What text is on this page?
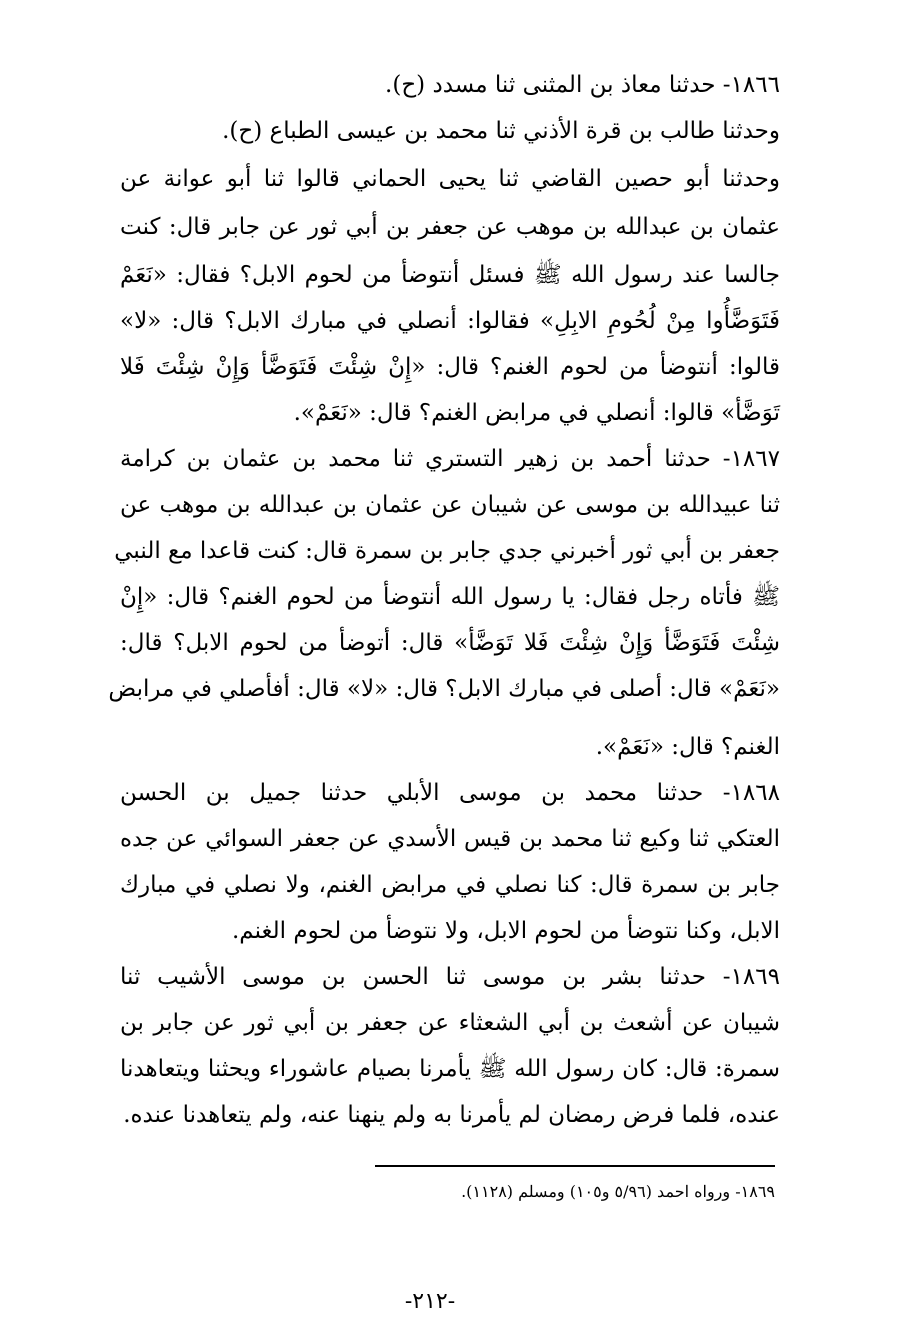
١٨٦٦- حدثنا معاذ بن المثنى ثنا مسدد (ح).
وحدثنا طالب بن قرة الأذني ثنا محمد بن عيسى الطباع (ح).
وحدثنا أبو حصين القاضي ثنا يحيى الحماني قالوا ثنا أبو عوانة عن
عثمان بن عبدالله بن موهب عن جعفر بن أبي ثور عن جابر قال: كنت
جالسا عند رسول الله ﷺ فسئل أنتوضأ من لحوم الابل؟ فقال: «نَعَمْ
فَتَوَضَّأُوا مِنْ لُحُومِ الابِلِ» فقالوا: أنصلي في مبارك الابل؟ قال: «لا»
قالوا: أنتوضأ من لحوم الغنم؟ قال: «إِنْ شِئْتَ فَتَوَضَّأ وَإِنْ شِئْتَ فَلا
تَوَضَّأ» قالوا: أنصلي في مرابض الغنم؟ قال: «نَعَمْ».
١٨٦٧- حدثنا أحمد بن زهير التستري ثنا محمد بن عثمان بن كرامة
ثنا عبيدالله بن موسى عن شيبان عن عثمان بن عبدالله بن موهب عن
جعفر بن أبي ثور أخبرني جدي جابر بن سمرة قال: كنت قاعدا مع النبي
ﷺ فأتاه رجل فقال: يا رسول الله أنتوضأ من لحوم الغنم؟ قال: «إِنْ
شِئْتَ فَتَوَضَّأ وَإِنْ شِئْتَ فَلا تَوَضَّأ» قال: أتوضأ من لحوم الابل؟ قال:
«نَعَمْ» قال: أصلى في مبارك الابل؟ قال: «لا» قال: أفأصلي في مرابض
الغنم؟ قال: «نَعَمْ».
١٨٦٨- حدثنا محمد بن موسى الأبلي حدثنا جميل بن الحسن
العتكي ثنا وكيع ثنا محمد بن قيس الأسدي عن جعفر السوائي عن جده
جابر بن سمرة قال: كنا نصلي في مرابض الغنم، ولا نصلي في مبارك
الابل، وكنا نتوضأ من لحوم الابل، ولا نتوضأ من لحوم الغنم.
١٨٦٩- حدثنا بشر بن موسى ثنا الحسن بن موسى الأشيب ثنا
شيبان عن أشعث بن أبي الشعثاء عن جعفر بن أبي ثور عن جابر بن
سمرة: قال: كان رسول الله ﷺ يأمرنا بصيام عاشوراء ويحثنا ويتعاهدنا
عنده، فلما فرض رمضان لم يأمرنا به ولم ينهنا عنه، ولم يتعاهدنا عنده.
١٨٦٩- ورواه احمد (٥/٩٦ و١٠٥) ومسلم (١١٢٨).
-٢١٢-
